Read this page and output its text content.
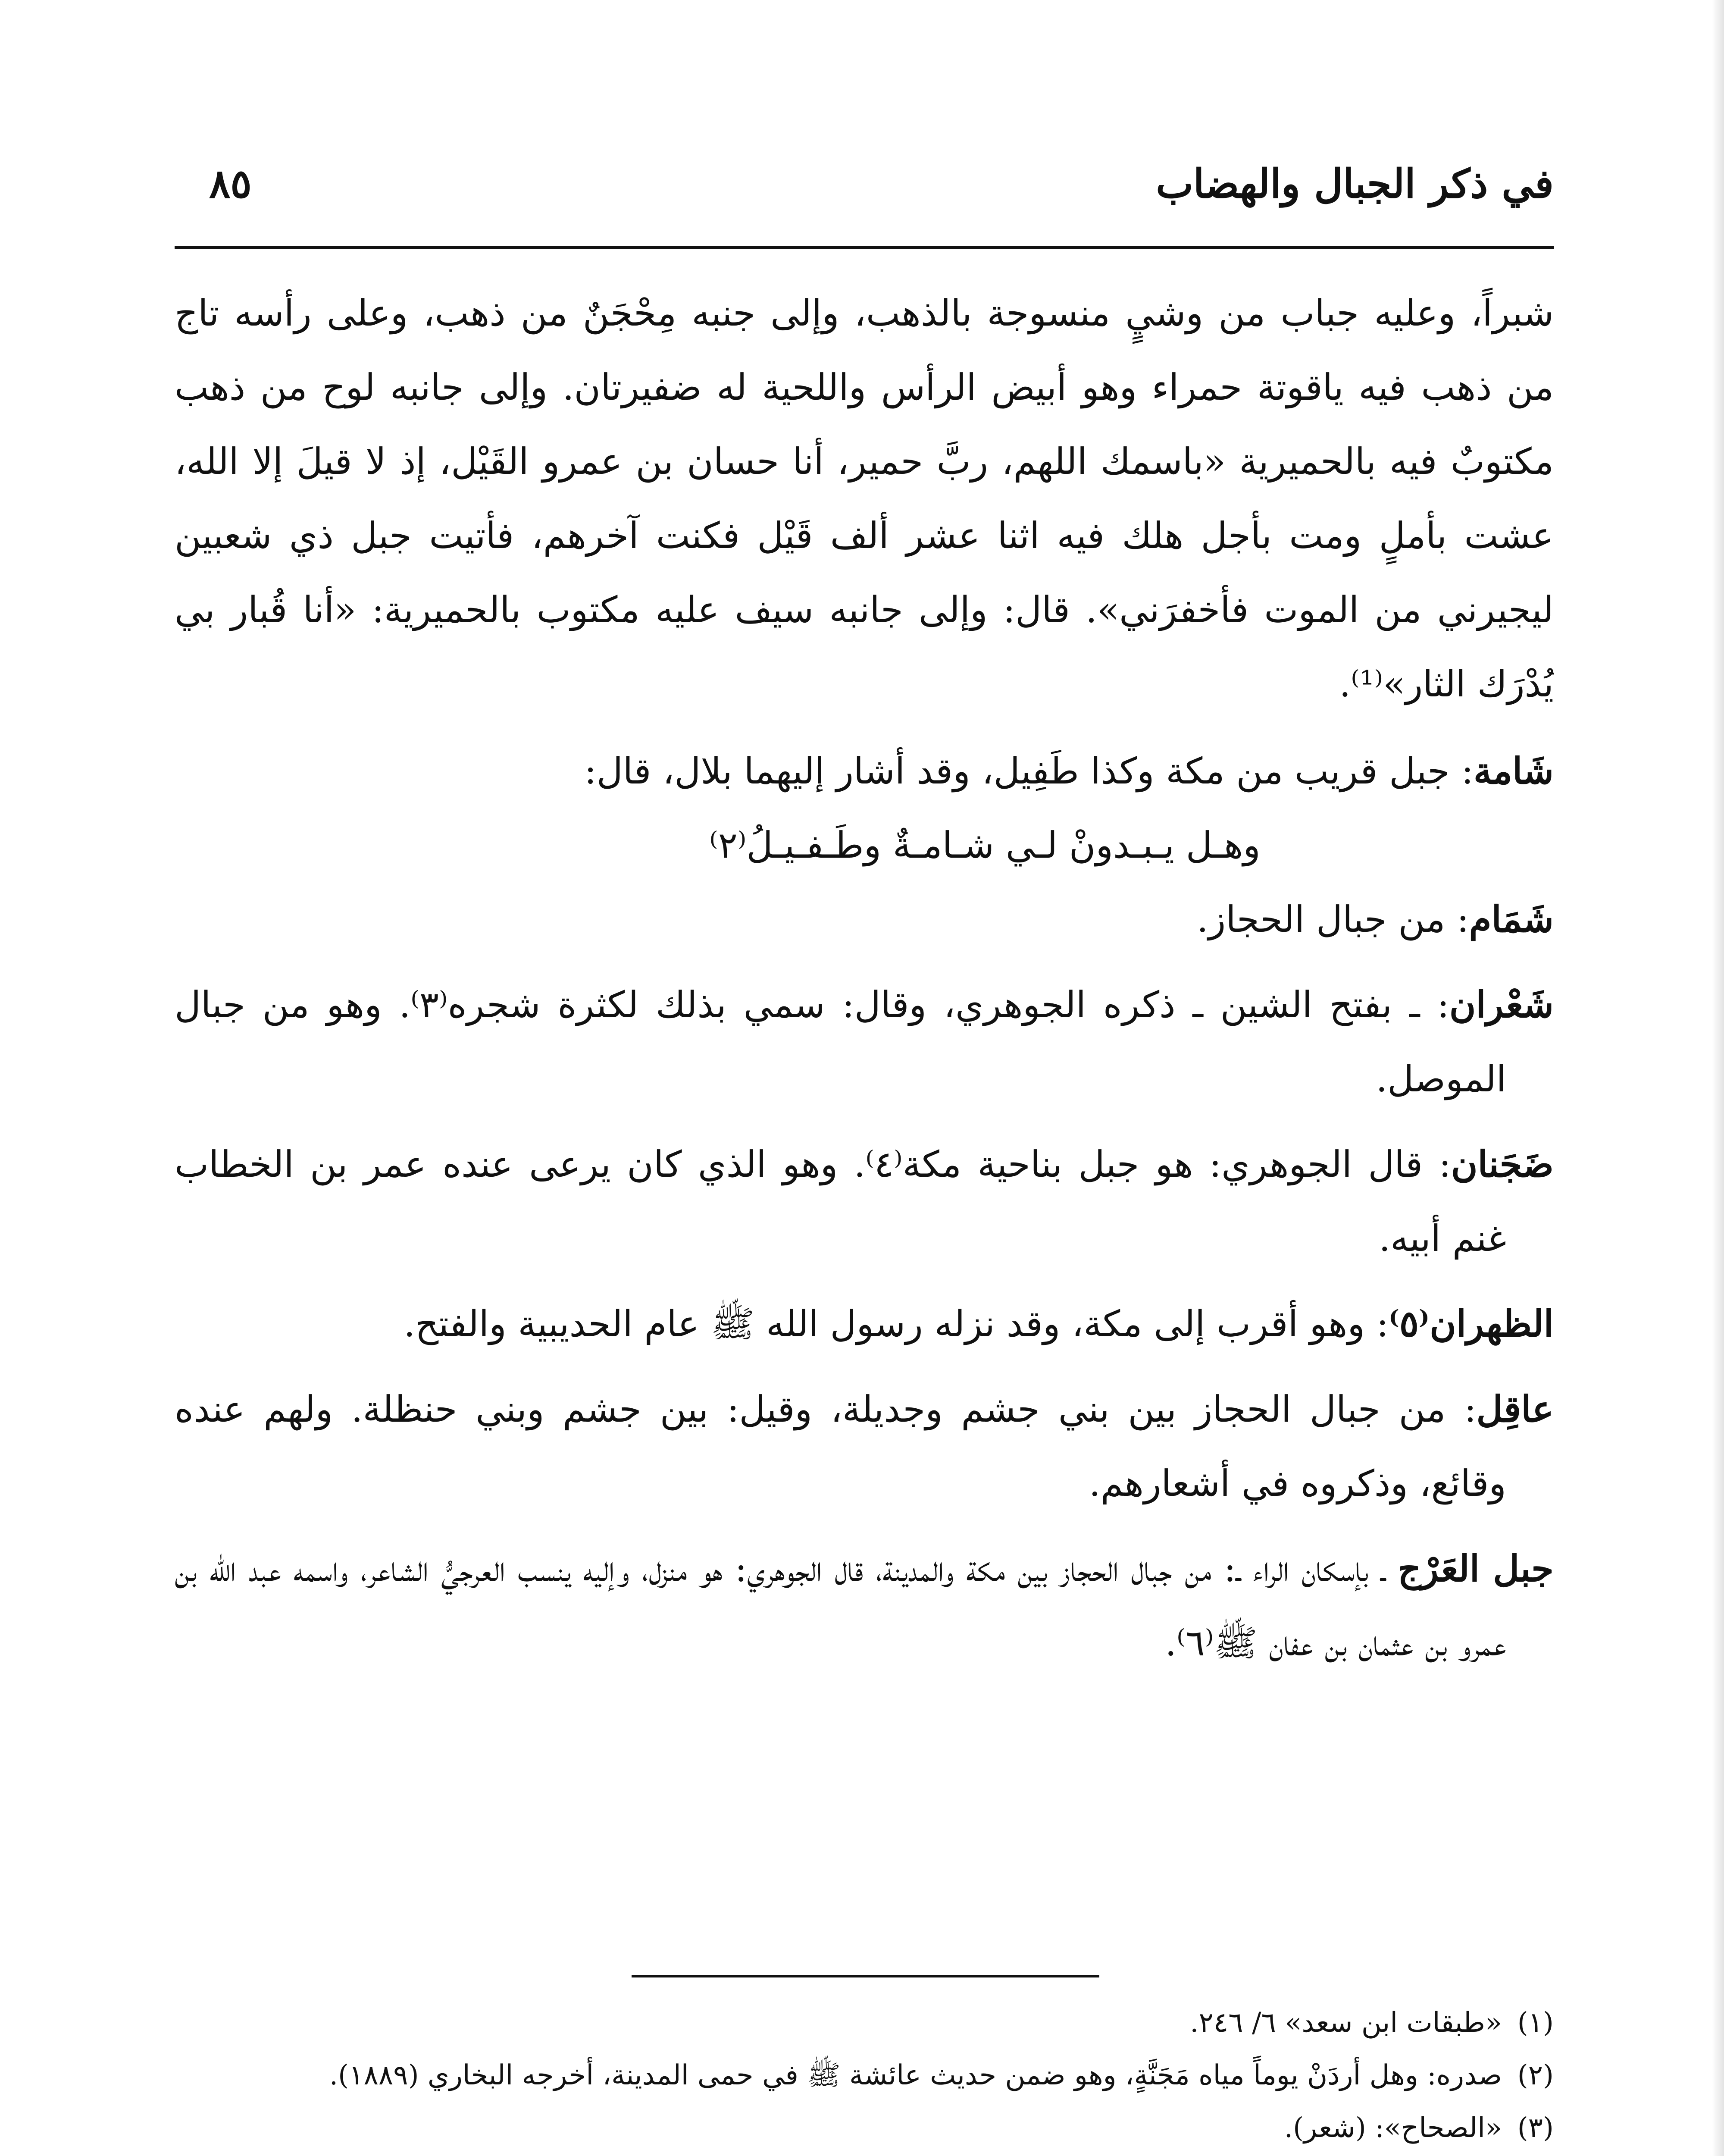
في ذكر الجبال والهضاب
٨٥

شبراً، وعليه جباب من وشيٍ منسوجة بالذهب، وإلى جنبه مِحْجَنٌ من ذهب، وعلى رأسه تاج من ذهب فيه ياقوتة حمراء وهو أبيض الرأس واللحية له ضفيرتان. وإلى جانبه لوح من ذهب مكتوبٌ فيه بالحميرية «باسمك اللهم، ربَّ حمير، أنا حسان بن عمرو القَيْل، إذ لا قيلَ إلا الله، عشت بأملٍ ومت بأجل هلك فيه اثنا عشر ألف قَيْل فكنت آخرهم، فأتيت جبل ذي شعبين ليجيرني من الموت فأخفرَني». قال: وإلى جانبه سيف عليه مكتوب بالحميرية: «أنا قُبار بي يُدْرَك الثار»⁽¹⁾.

شَامة: جبل قريب من مكة وكذا طَفِيل، وقد أشار إليهما بلال، قال:

وهـل يـبـدونْ لـي شـامـةٌ وطَـفـيـلُ⁽٢⁾

شَمَام: من جبال الحجاز.

شَعْران: ـ بفتح الشين ـ ذكره الجوهري، وقال: سمي بذلك لكثرة شجره⁽٣⁾. وهو من جبال الموصل.

ضَجَنان: قال الجوهري: هو جبل بناحية مكة⁽٤⁾. وهو الذي كان يرعى عنده عمر بن الخطاب غنم أبيه.

الظهران⁽٥⁾: وهو أقرب إلى مكة، وقد نزله رسول الله ﷺ عام الحديبية والفتح.

عاقِل: من جبال الحجاز بين بني جشم وجديلة، وقيل: بين جشم وبني حنظلة. ولهم عنده وقائع، وذكروه في أشعارهم.

جبل العَرْج ـ بإسكان الراء ـ: من جبال الحجاز بين مكة والمدينة، قال الجوهري: هو منزل، وإليه ينسب العرجيُّ الشاعر، واسمه عبد الله بن عمرو بن عثمان بن عفان ﷺ⁽٦⁾.

(١)«طبقات ابن سعد» ٦/ ٢٤٦.

(٢)صدره: وهل أردَنْ يوماً مياه مَجَنَّةٍ، وهو ضمن حديث عائشة ﷺ في حمى المدينة، أخرجه البخاري (١٨٨٩).

(٣)«الصحاح»: (شعر).
